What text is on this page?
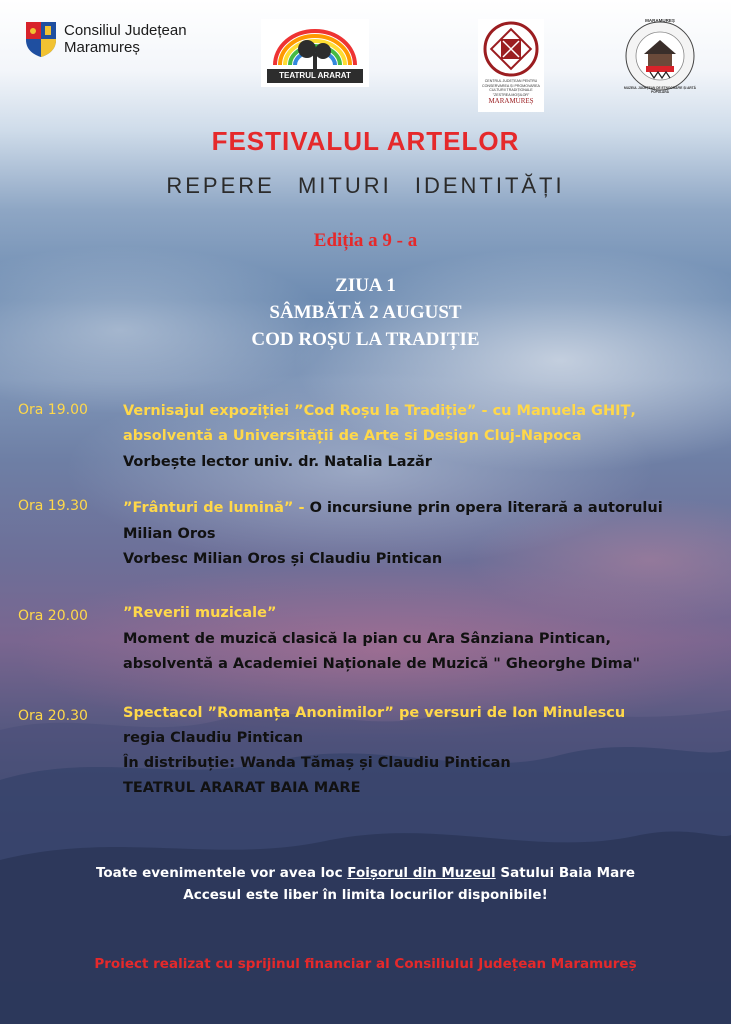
Consiliul Județean
Maramureș
TEATRUL ARARAT
CENTRUL JUDEȚEAN PENTRU
CONSERVAREA ȘI PROMOVAREA
CULTURII TRADIȚIONALE
"ZESTREA MOŞILOR"
MARAMUREȘ
MARAMUREȘ
MUZEUL JUDEȚEAN DE ETNOGRAFIE ȘI ARTĂ POPULARĂ
FESTIVALUL ARTELOR
REPERE MITURI IDENTITĂȚI
Ediția a 9 - a
ZIUA 1
SÂMBĂTĂ 2 AUGUST
COD ROȘU LA TRADIȚIE
Ora 19.00 Vernisajul expoziției ”Cod Roșu la Tradiție” - cu Manuela GHIȚ,
absolventă a Universității de Arte si Design Cluj-Napoca
Vorbește lector univ. dr. Natalia Lazăr
Ora 19.30 ”Frânturi de lumină” - O incursiune prin opera literară a autorului
Milian Oros
Vorbesc Milian Oros și Claudiu Pintican
Ora 20.00 ”Reverii muzicale”
Moment de muzică clasică la pian cu Ara Sânziana Pintican,
absolventă a Academiei Naționale de Muzică " Gheorghe Dima"
Ora 20.30 Spectacol ”Romanța Anonimilor” pe versuri de Ion Minulescu
regia Claudiu Pintican
În distribuție: Wanda Tămaș și Claudiu Pintican
TEATRUL ARARAT BAIA MARE
Toate evenimentele vor avea loc Foișorul din Muzeul Satului Baia Mare
Accesul este liber în limita locurilor disponibile!
Proiect realizat cu sprijinul financiar al Consiliului Județean Maramureș
